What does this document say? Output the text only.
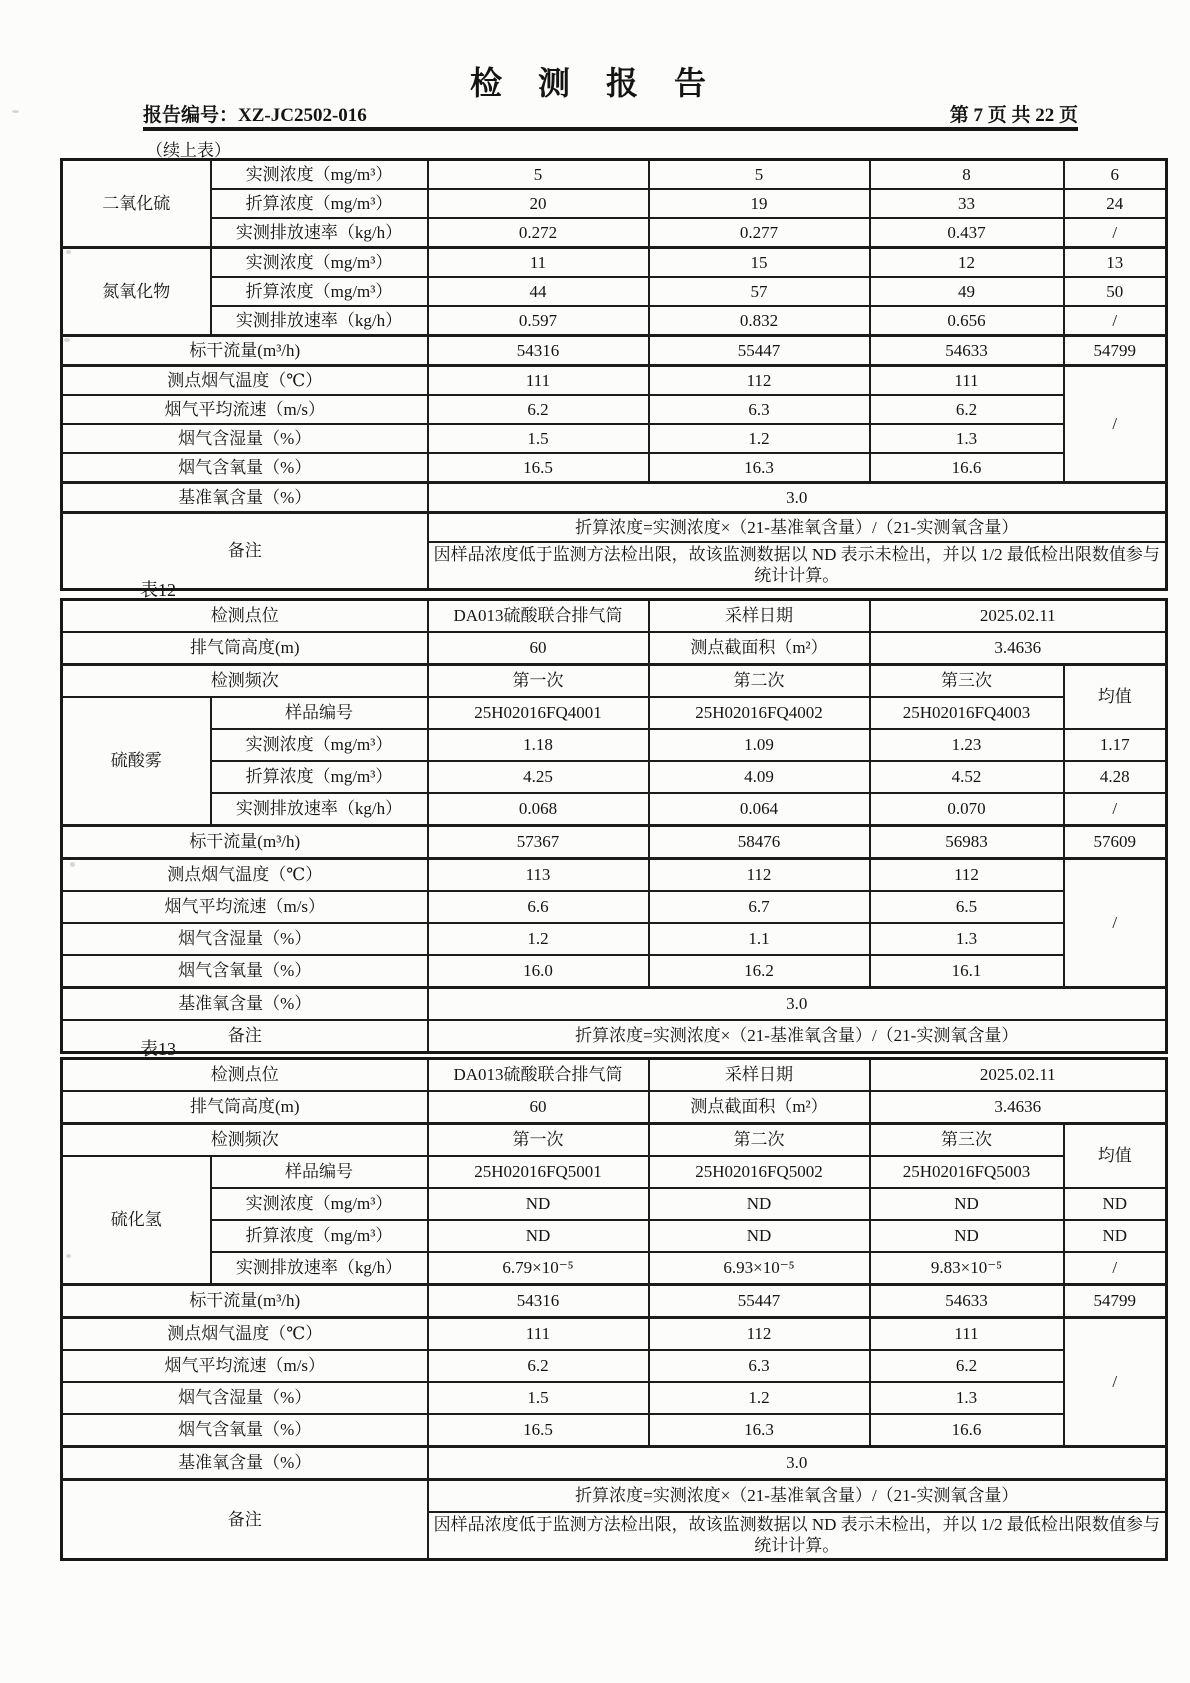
检 测 报 告
报告编号：XZ-JC2502-016	第 7 页 共 22 页
（续上表）
二氧化硫	实测浓度（mg/m³）	5	5	8	6
	折算浓度（mg/m³）	20	19	33	24
	实测排放速率（kg/h）	0.272	0.277	0.437	/
氮氧化物	实测浓度（mg/m³）	11	15	12	13
	折算浓度（mg/m³）	44	57	49	50
	实测排放速率（kg/h）	0.597	0.832	0.656	/
标干流量(m³/h)		54316	55447	54633	54799
测点烟气温度（℃）		111	112	111	/
烟气平均流速（m/s）		6.2	6.3	6.2	
烟气含湿量（%）		1.5	1.2	1.3	
烟气含氧量（%）		16.5	16.3	16.6	
基准氧含量（%）		3.0			
备注		折算浓度=实测浓度×（21-基准氧含量）/（21-实测氧含量）			
		因样品浓度低于监测方法检出限，故该监测数据以 ND 表示未检出，并以 1/2 最低检出限数值参与统计计算。			
表12
检测点位		DA013硫酸联合排气筒	采样日期	2025.02.11	
排气筒高度(m)		60	测点截面积（m²）	3.4636	
检测频次		第一次	第二次	第三次	均值
硫酸雾	样品编号	25H02016FQ4001	25H02016FQ4002	25H02016FQ4003	
	实测浓度（mg/m³）	1.18	1.09	1.23	1.17
	折算浓度（mg/m³）	4.25	4.09	4.52	4.28
	实测排放速率（kg/h）	0.068	0.064	0.070	/
标干流量(m³/h)		57367	58476	56983	57609
测点烟气温度（℃）		113	112	112	/
烟气平均流速（m/s）		6.6	6.7	6.5	
烟气含湿量（%）		1.2	1.1	1.3	
烟气含氧量（%）		16.0	16.2	16.1	
基准氧含量（%）		3.0			
备注		折算浓度=实测浓度×（21-基准氧含量）/（21-实测氧含量）			
表13
检测点位		DA013硫酸联合排气筒	采样日期	2025.02.11	
排气筒高度(m)		60	测点截面积（m²）	3.4636	
检测频次		第一次	第二次	第三次	均值
硫化氢	样品编号	25H02016FQ5001	25H02016FQ5002	25H02016FQ5003	
	实测浓度（mg/m³）	ND	ND	ND	ND
	折算浓度（mg/m³）	ND	ND	ND	ND
	实测排放速率（kg/h）	6.79×10⁻⁵	6.93×10⁻⁵	9.83×10⁻⁵	/
标干流量(m³/h)		54316	55447	54633	54799
测点烟气温度（℃）		111	112	111	/
烟气平均流速（m/s）		6.2	6.3	6.2	
烟气含湿量（%）		1.5	1.2	1.3	
烟气含氧量（%）		16.5	16.3	16.6	
基准氧含量（%）		3.0			
备注		折算浓度=实测浓度×（21-基准氧含量）/（21-实测氧含量）			
		因样品浓度低于监测方法检出限，故该监测数据以 ND 表示未检出，并以 1/2 最低检出限数值参与统计计算。			
